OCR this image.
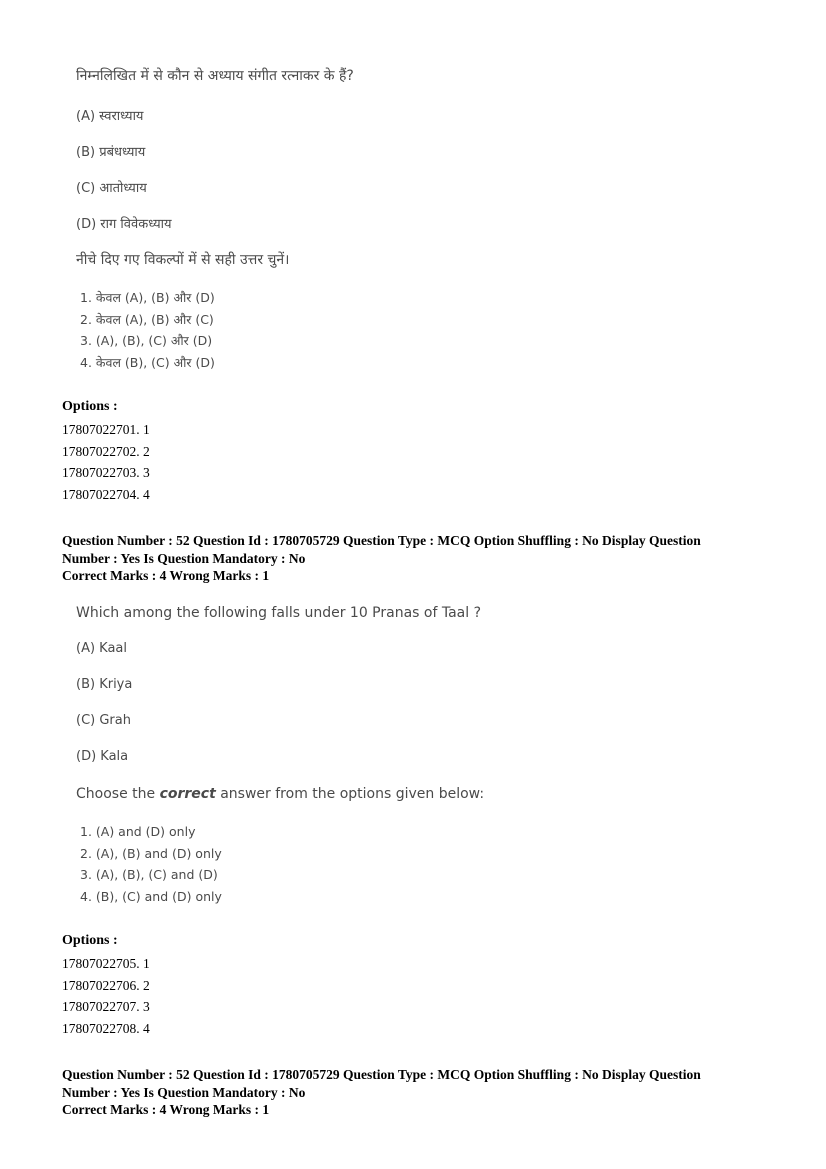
निम्नलिखित में से कौन से अध्याय संगीत रत्नाकर के हैं?

(A) स्वराध्याय

(B) प्रबंधध्याय

(C) आतोध्याय

(D) राग विवेकध्याय

नीचे दिए गए विकल्पों में से सही उत्तर चुनें।

1. केवल (A), (B) और (D)

2. केवल (A), (B) और (C)

3. (A), (B), (C) और (D)

4. केवल (B), (C) और (D)

Options :

17807022701. 1
17807022702. 2
17807022703. 3
17807022704. 4
Question Number : 52 Question Id : 1780705729 Question Type : MCQ Option Shuffling : No Display Question
Number : Yes Is Question Mandatory : No
Correct Marks : 4 Wrong Marks : 1

Which among the following falls under 10 Pranas of Taal ?

(A) Kaal

(B) Kriya

(C) Grah

(D) Kala

Choose the correct answer from the options given below:

1. (A) and (D) only

2. (A), (B) and (D) only

3. (A), (B), (C) and (D)

4. (B), (C) and (D) only

Options :

17807022705. 1
17807022706. 2
17807022707. 3
17807022708. 4
Question Number : 52 Question Id : 1780705729 Question Type : MCQ Option Shuffling : No Display Question
Number : Yes Is Question Mandatory : No
Correct Marks : 4 Wrong Marks : 1
